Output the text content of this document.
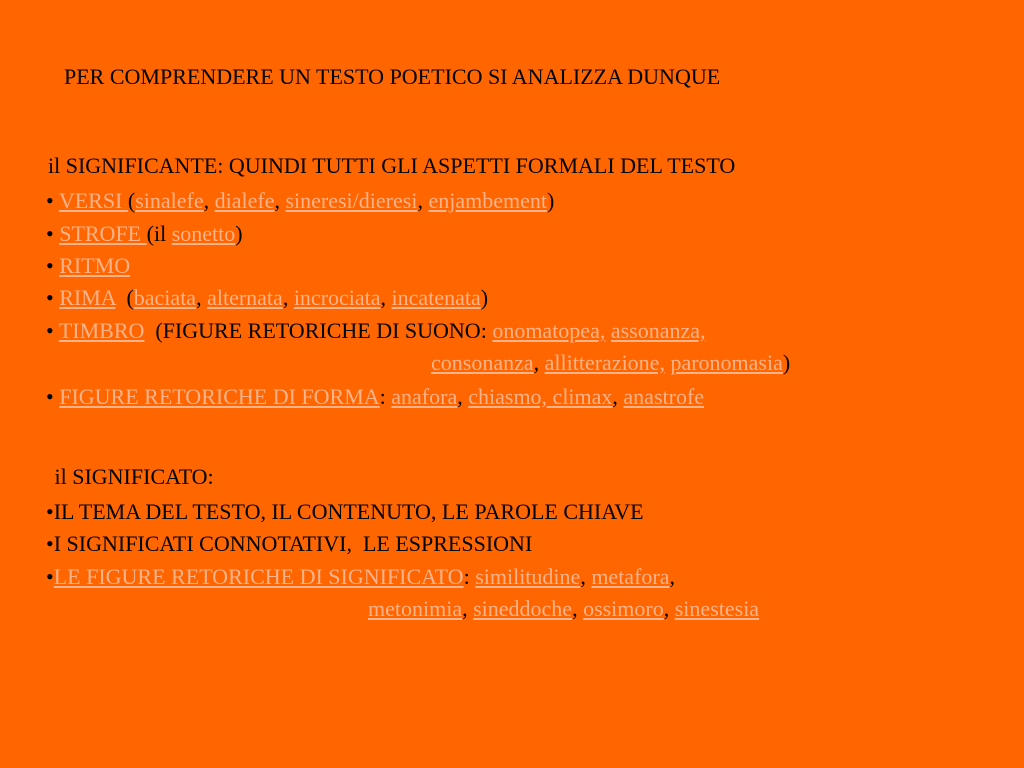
PER COMPRENDERE UN TESTO POETICO SI ANALIZZA DUNQUE
il SIGNIFICANTE: QUINDI TUTTI GLI ASPETTI FORMALI DEL TESTO
• VERSI (sinalefe, dialefe, sineresi/dieresi, enjambement)
• STROFE (il sonetto)
• RITMO
• RIMA  (baciata, alternata, incrociata, incatenata)
• TIMBRO (FIGURE RETORICHE DI SUONO: onomatopea, assonanza,
consonanza, allitterazione, paronomasia)
• FIGURE RETORICHE DI FORMA: anafora, chiasmo, climax, anastrofe
il SIGNIFICATO:
•IL TEMA DEL TESTO, IL CONTENUTO, LE PAROLE CHIAVE
•I SIGNIFICATI CONNOTATIVI,  LE ESPRESSIONI
•LE FIGURE RETORICHE DI SIGNIFICATO: similitudine, metafora,
metonimia, sineddoche, ossimoro, sinestesia
